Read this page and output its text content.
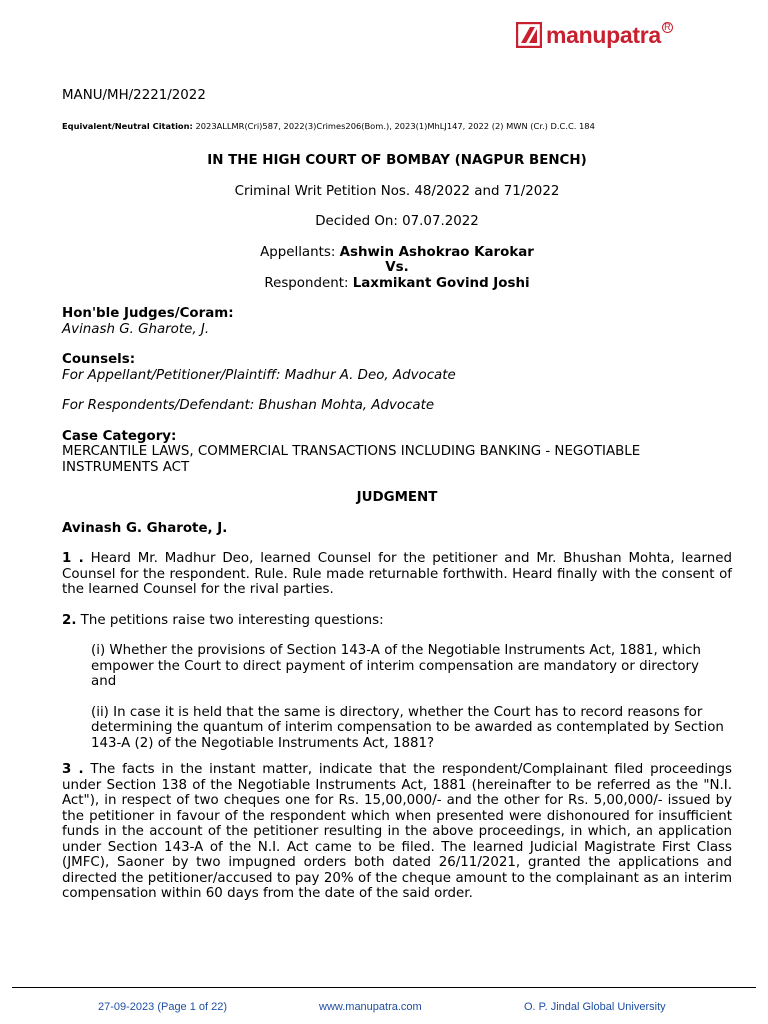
manupatra R

MANU/MH/2221/2022

Equivalent/Neutral Citation: 2023ALLMR(Cri)587, 2022(3)Crimes206(Bom.), 2023(1)MhLJ147, 2022 (2) MWN (Cr.) D.C.C. 184

IN THE HIGH COURT OF BOMBAY (NAGPUR BENCH)

Criminal Writ Petition Nos. 48/2022 and 71/2022

Decided On: 07.07.2022

Appellants: Ashwin Ashokrao Karokar

Vs.

Respondent: Laxmikant Govind Joshi

Hon'ble Judges/Coram:

Avinash G. Gharote, J.

Counsels:

For Appellant/Petitioner/Plaintiff: Madhur A. Deo, Advocate

For Respondents/Defendant: Bhushan Mohta, Advocate

Case Category:

MERCANTILE LAWS, COMMERCIAL TRANSACTIONS INCLUDING BANKING - NEGOTIABLE INSTRUMENTS ACT

JUDGMENT

Avinash G. Gharote, J.

1 . Heard Mr. Madhur Deo, learned Counsel for the petitioner and Mr. Bhushan Mohta, learned Counsel for the respondent. Rule. Rule made returnable forthwith. Heard finally with the consent of the learned Counsel for the rival parties.

2. The petitions raise two interesting questions:

(i) Whether the provisions of Section 143-A of the Negotiable Instruments Act, 1881, which empower the Court to direct payment of interim compensation are mandatory or directory and

(ii) In case it is held that the same is directory, whether the Court has to record reasons for determining the quantum of interim compensation to be awarded as contemplated by Section 143-A (2) of the Negotiable Instruments Act, 1881?

3 . The facts in the instant matter, indicate that the respondent/Complainant filed proceedings under Section 138 of the Negotiable Instruments Act, 1881 (hereinafter to be referred as the "N.I. Act"), in respect of two cheques one for Rs. 15,00,000/- and the other for Rs. 5,00,000/- issued by the petitioner in favour of the respondent which when presented were dishonoured for insufficient funds in the account of the petitioner resulting in the above proceedings, in which, an application under Section 143-A of the N.I. Act came to be filed. The learned Judicial Magistrate First Class (JMFC), Saoner by two impugned orders both dated 26/11/2021, granted the applications and directed the petitioner/accused to pay 20% of the cheque amount to the complainant as an interim compensation within 60 days from the date of the said order.

27-09-2023 (Page 1 of 22)	www.manupatra.com	O. P. Jindal Global University
